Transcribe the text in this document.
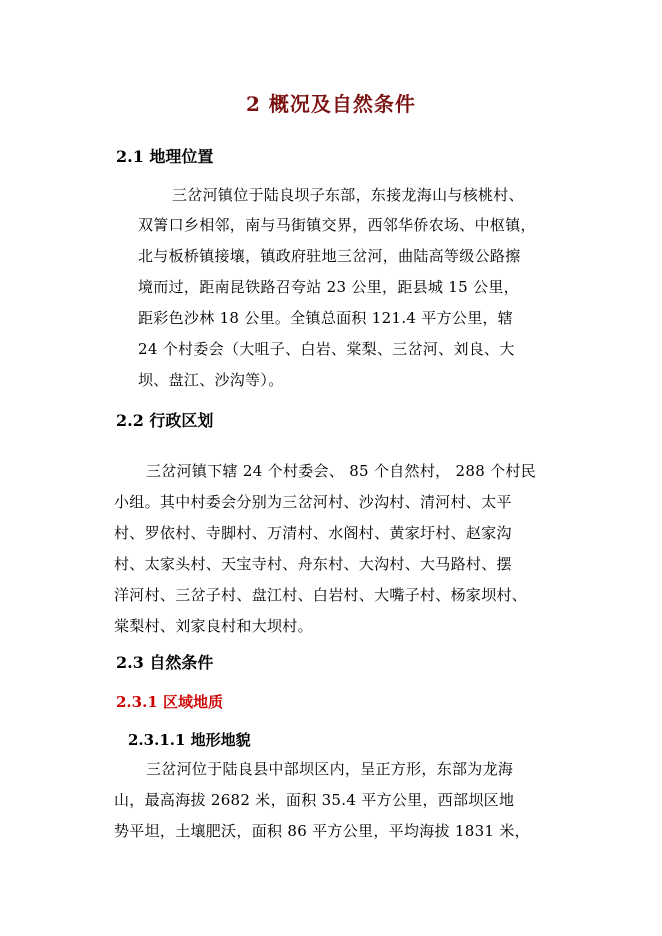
2 概况及自然条件
2.1 地理位置
三岔河镇位于陆良坝子东部，东接龙海山与核桃村、
双箐口乡相邻，南与马街镇交界，西邻华侨农场、中枢镇，
北与板桥镇接壤，镇政府驻地三岔河，曲陆高等级公路擦
境而过，距南昆铁路召夸站 23 公里，距县城 15 公里，
距彩色沙林 18 公里。全镇总面积 121.4 平方公里，辖
24 个村委会（大咀子、白岩、棠梨、三岔河、刘良、大
坝、盘江、沙沟等）。
2.2 行政区划
三岔河镇下辖 24 个村委会、 85 个自然村， 288 个村民
小组。其中村委会分别为三岔河村、沙沟村、清河村、太平
村、罗依村、寺脚村、万清村、水阁村、黄家圩村、赵家沟
村、太家头村、天宝寺村、舟东村、大沟村、大马路村、摆
洋河村、三岔子村、盘江村、白岩村、大嘴子村、杨家坝村、
棠梨村、刘家良村和大坝村。
2.3 自然条件
2.3.1 区域地质
2.3.1.1 地形地貌
三岔河位于陆良县中部坝区内，呈正方形，东部为龙海
山，最高海拔 2682 米，面积 35.4 平方公里，西部坝区地
势平坦，土壤肥沃，面积 86 平方公里，平均海拔 1831 米，
